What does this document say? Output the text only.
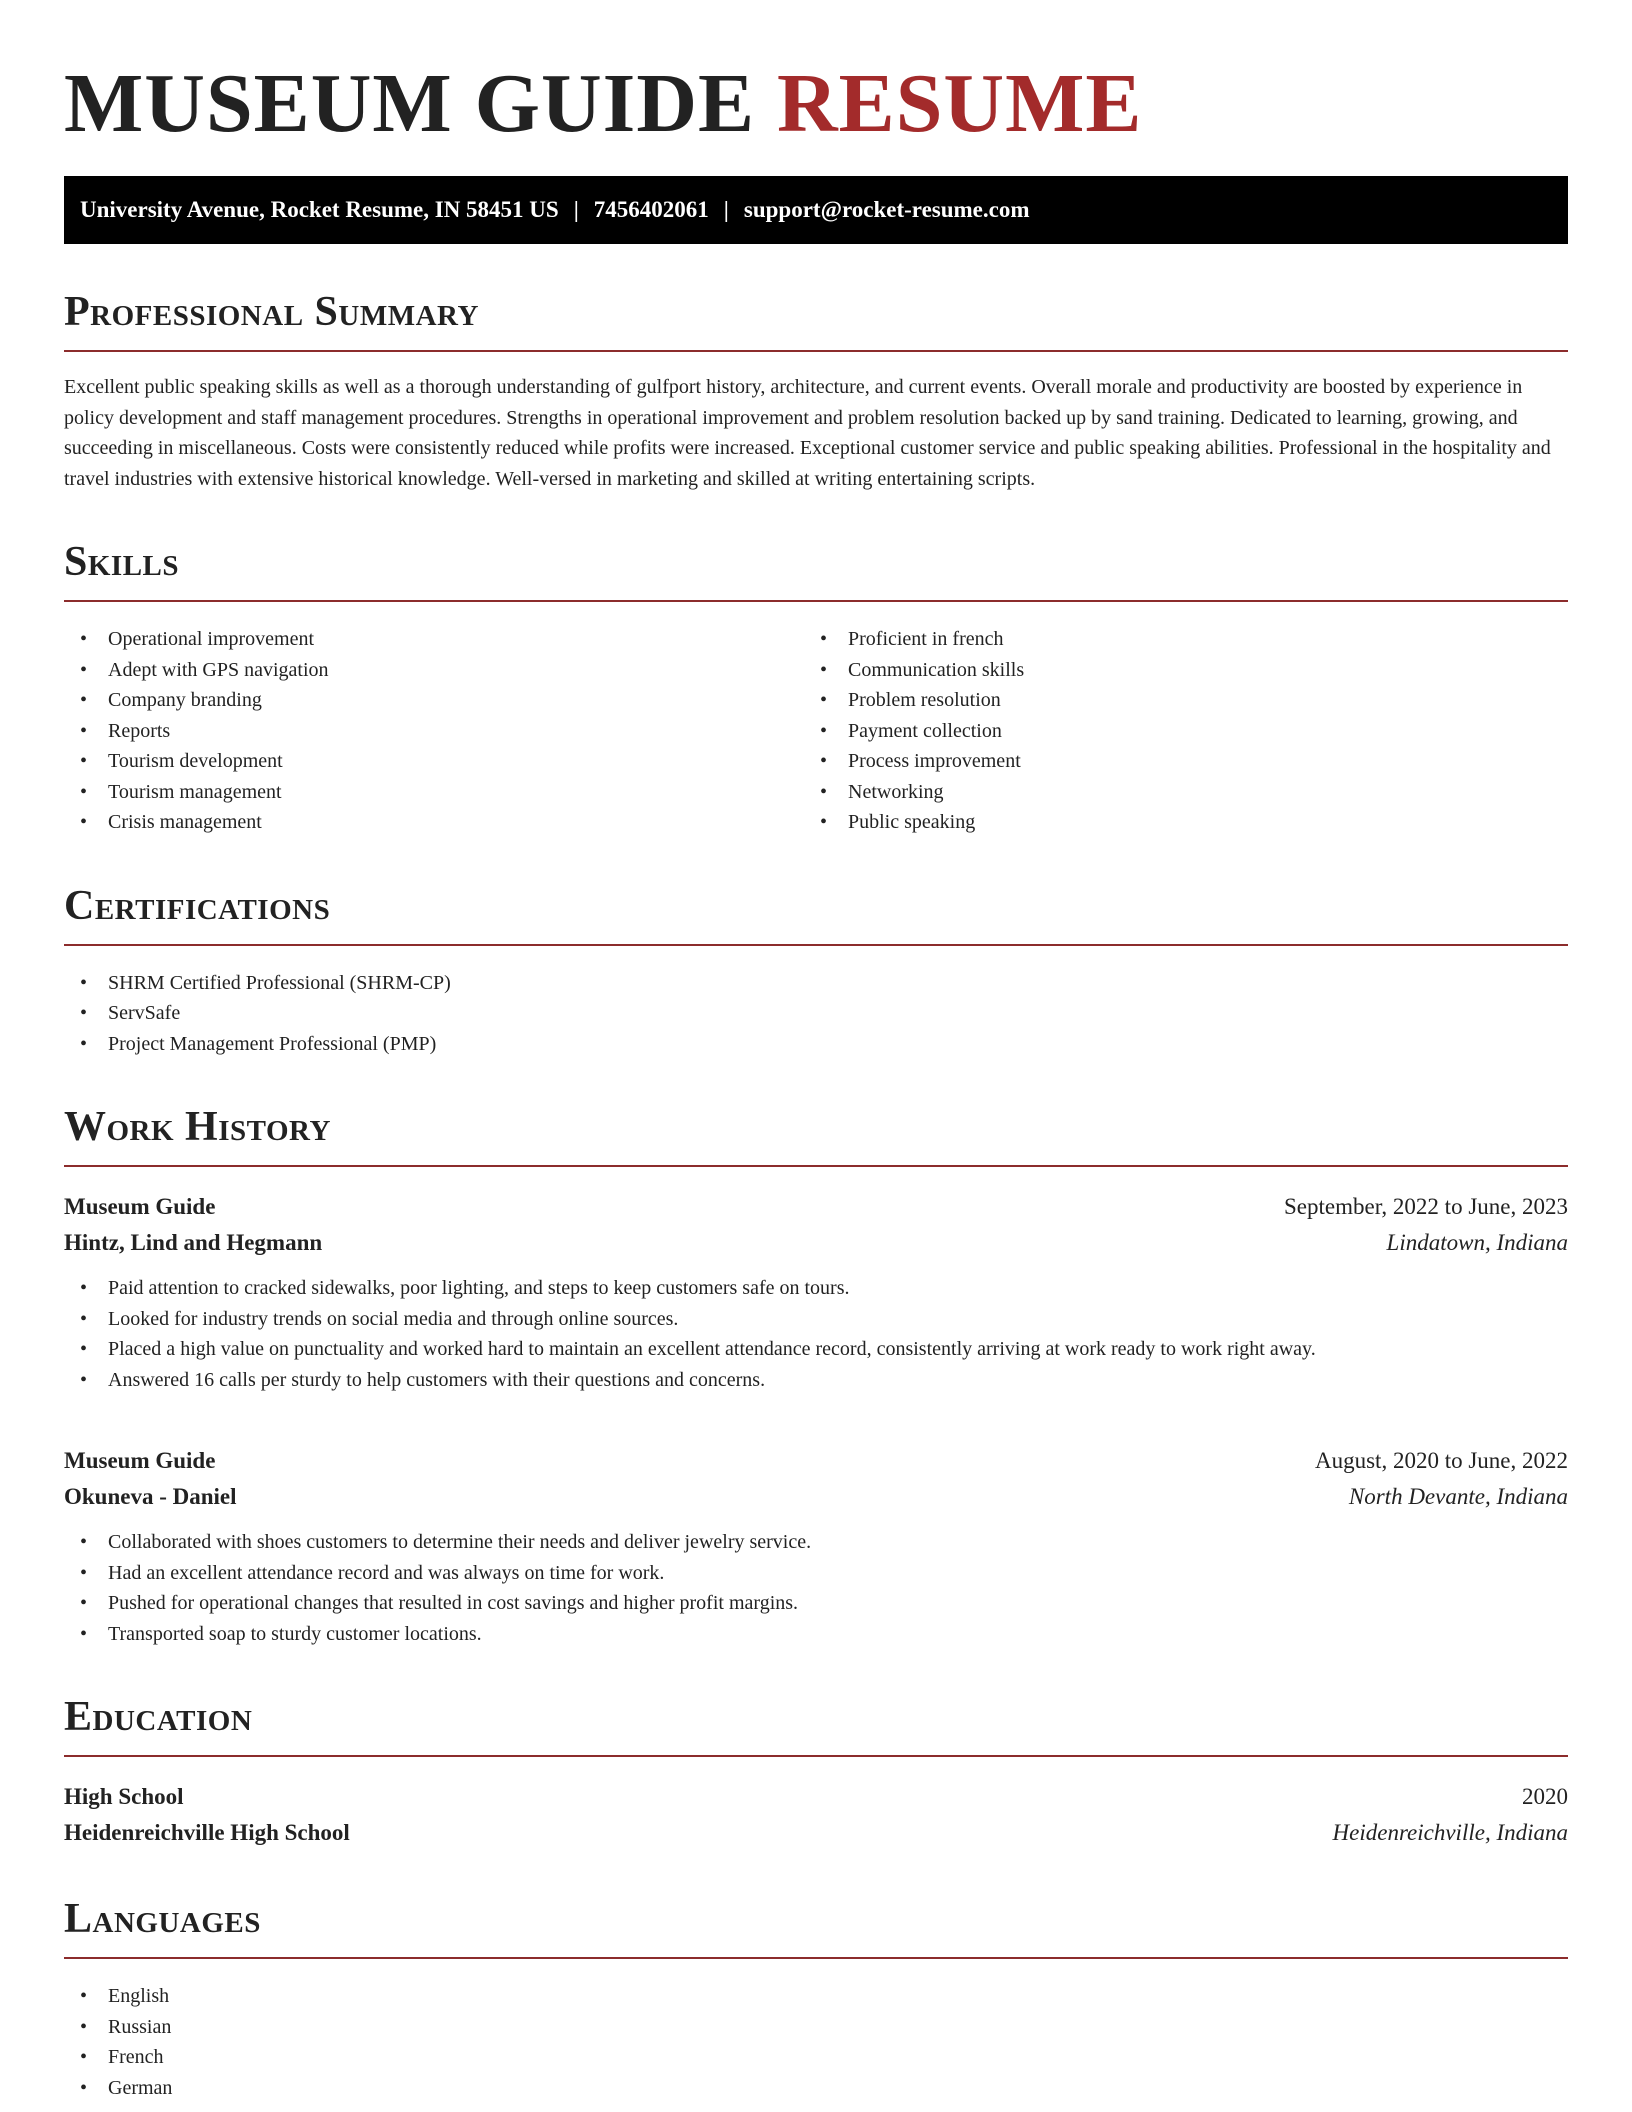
MUSEUM GUIDE RESUME
University Avenue, Rocket Resume, IN 58451 US | 7456402061 | support@rocket-resume.com
Professional Summary

Excellent public speaking skills as well as a thorough understanding of gulfport history, architecture, and current events. Overall morale and productivity are boosted by experience in policy development and staff management procedures. Strengths in operational improvement and problem resolution backed up by sand training. Dedicated to learning, growing, and succeeding in miscellaneous. Costs were consistently reduced while profits were increased. Exceptional customer service and public speaking abilities. Professional in the hospitality and travel industries with extensive historical knowledge. Well-versed in marketing and skilled at writing entertaining scripts.

Skills
• Operational improvement
• Adept with GPS navigation
• Company branding
• Reports
• Tourism development
• Tourism management
• Crisis management
• Proficient in french
• Communication skills
• Problem resolution
• Payment collection
• Process improvement
• Networking
• Public speaking
Certifications
• SHRM Certified Professional (SHRM-CP)
• ServSafe
• Project Management Professional (PMP)
Work History
Museum Guide	September, 2022 to June, 2023
Hintz, Lind and Hegmann	Lindatown, Indiana
• Paid attention to cracked sidewalks, poor lighting, and steps to keep customers safe on tours.
• Looked for industry trends on social media and through online sources.
• Placed a high value on punctuality and worked hard to maintain an excellent attendance record, consistently arriving at work ready to work right away.
• Answered 16 calls per sturdy to help customers with their questions and concerns.
Museum Guide	August, 2020 to June, 2022
Okuneva - Daniel	North Devante, Indiana
• Collaborated with shoes customers to determine their needs and deliver jewelry service.
• Had an excellent attendance record and was always on time for work.
• Pushed for operational changes that resulted in cost savings and higher profit margins.
• Transported soap to sturdy customer locations.
Education
High School	2020
Heidenreichville High School	Heidenreichville, Indiana
Languages
• English
• Russian
• French
• German
